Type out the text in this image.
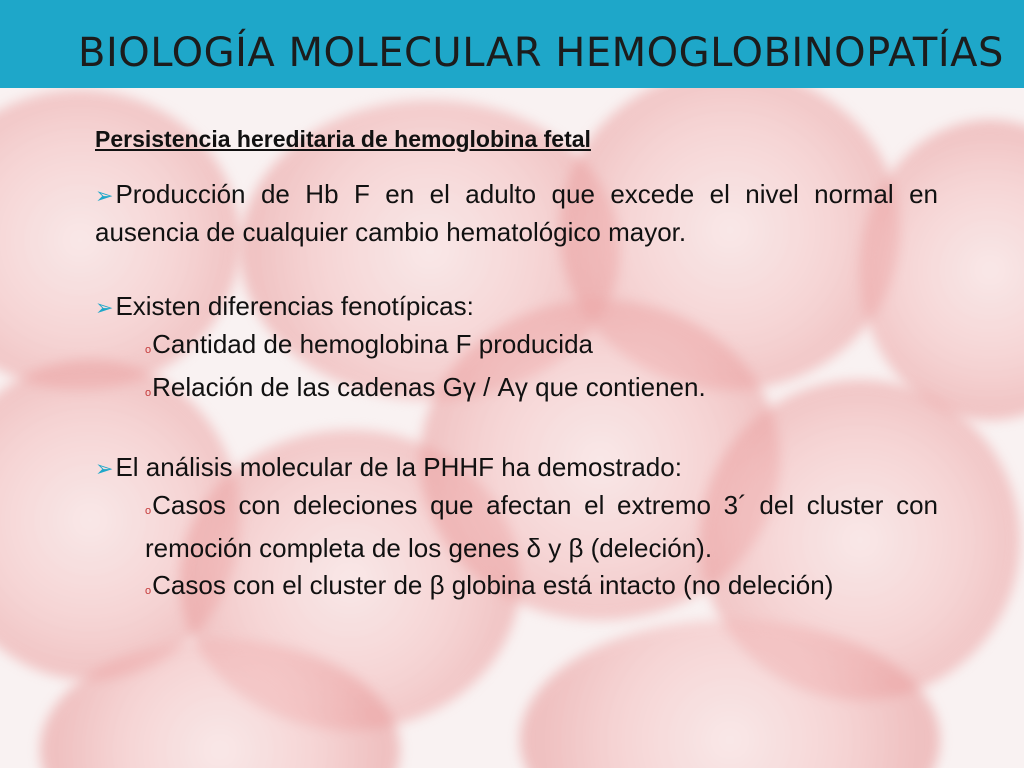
BIOLOGÍA MOLECULAR HEMOGLOBINOPATÍAS
Persistencia hereditaria de hemoglobina fetal

➢Producción de Hb F en el adulto que excede el nivel normal en ausencia de cualquier cambio hematológico mayor.

➢Existen diferencias fenotípicas:

oCantidad de hemoglobina F producida

oRelación de las cadenas Gγ / Aγ que contienen.

➢El análisis molecular de la PHHF ha demostrado:

oCasos con deleciones que afectan el extremo 3´ del cluster con remoción completa de los genes δ y β (deleción).

oCasos con el cluster de β globina está intacto (no deleción)
